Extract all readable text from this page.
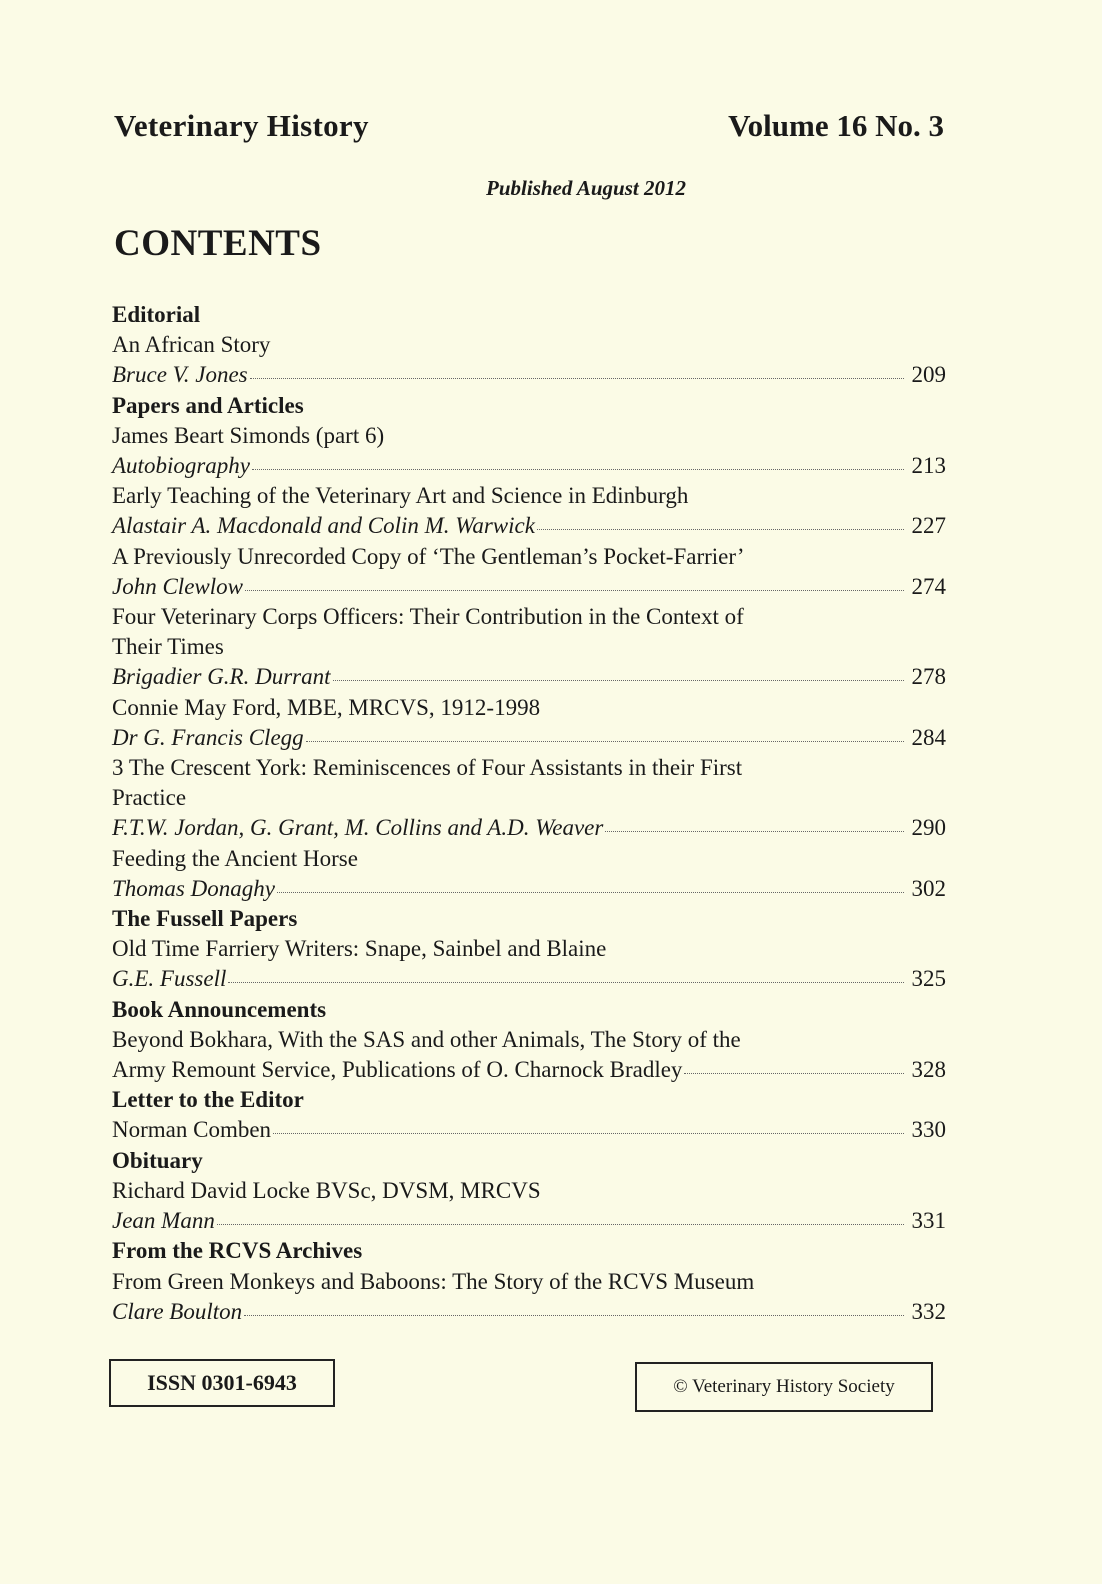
Veterinary History	Volume 16 No. 3
Published August 2012
CONTENTS
Editorial
An African Story
Bruce V. Jones	209
Papers and Articles
James Beart Simonds (part 6)
Autobiography	213
Early Teaching of the Veterinary Art and Science in Edinburgh
Alastair A. Macdonald and Colin M. Warwick	227
A Previously Unrecorded Copy of ‘The Gentleman’s Pocket-Farrier’
John Clewlow	274
Four Veterinary Corps Officers: Their Contribution in the Context of
Their Times
Brigadier G.R. Durrant	278
Connie May Ford, MBE, MRCVS, 1912-1998
Dr G. Francis Clegg	284
3 The Crescent York: Reminiscences of Four Assistants in their First
Practice
F.T.W. Jordan, G. Grant, M. Collins and A.D. Weaver	290
Feeding the Ancient Horse
Thomas Donaghy	302
The Fussell Papers
Old Time Farriery Writers: Snape, Sainbel and Blaine
G.E. Fussell	325
Book Announcements
Beyond Bokhara, With the SAS and other Animals, The Story of the
Army Remount Service, Publications of O. Charnock Bradley	328
Letter to the Editor
Norman Comben	330
Obituary
Richard David Locke BVSc, DVSM, MRCVS
Jean Mann	331
From the RCVS Archives
From Green Monkeys and Baboons: The Story of the RCVS Museum
Clare Boulton	332
ISSN 0301-6943	© Veterinary History Society
